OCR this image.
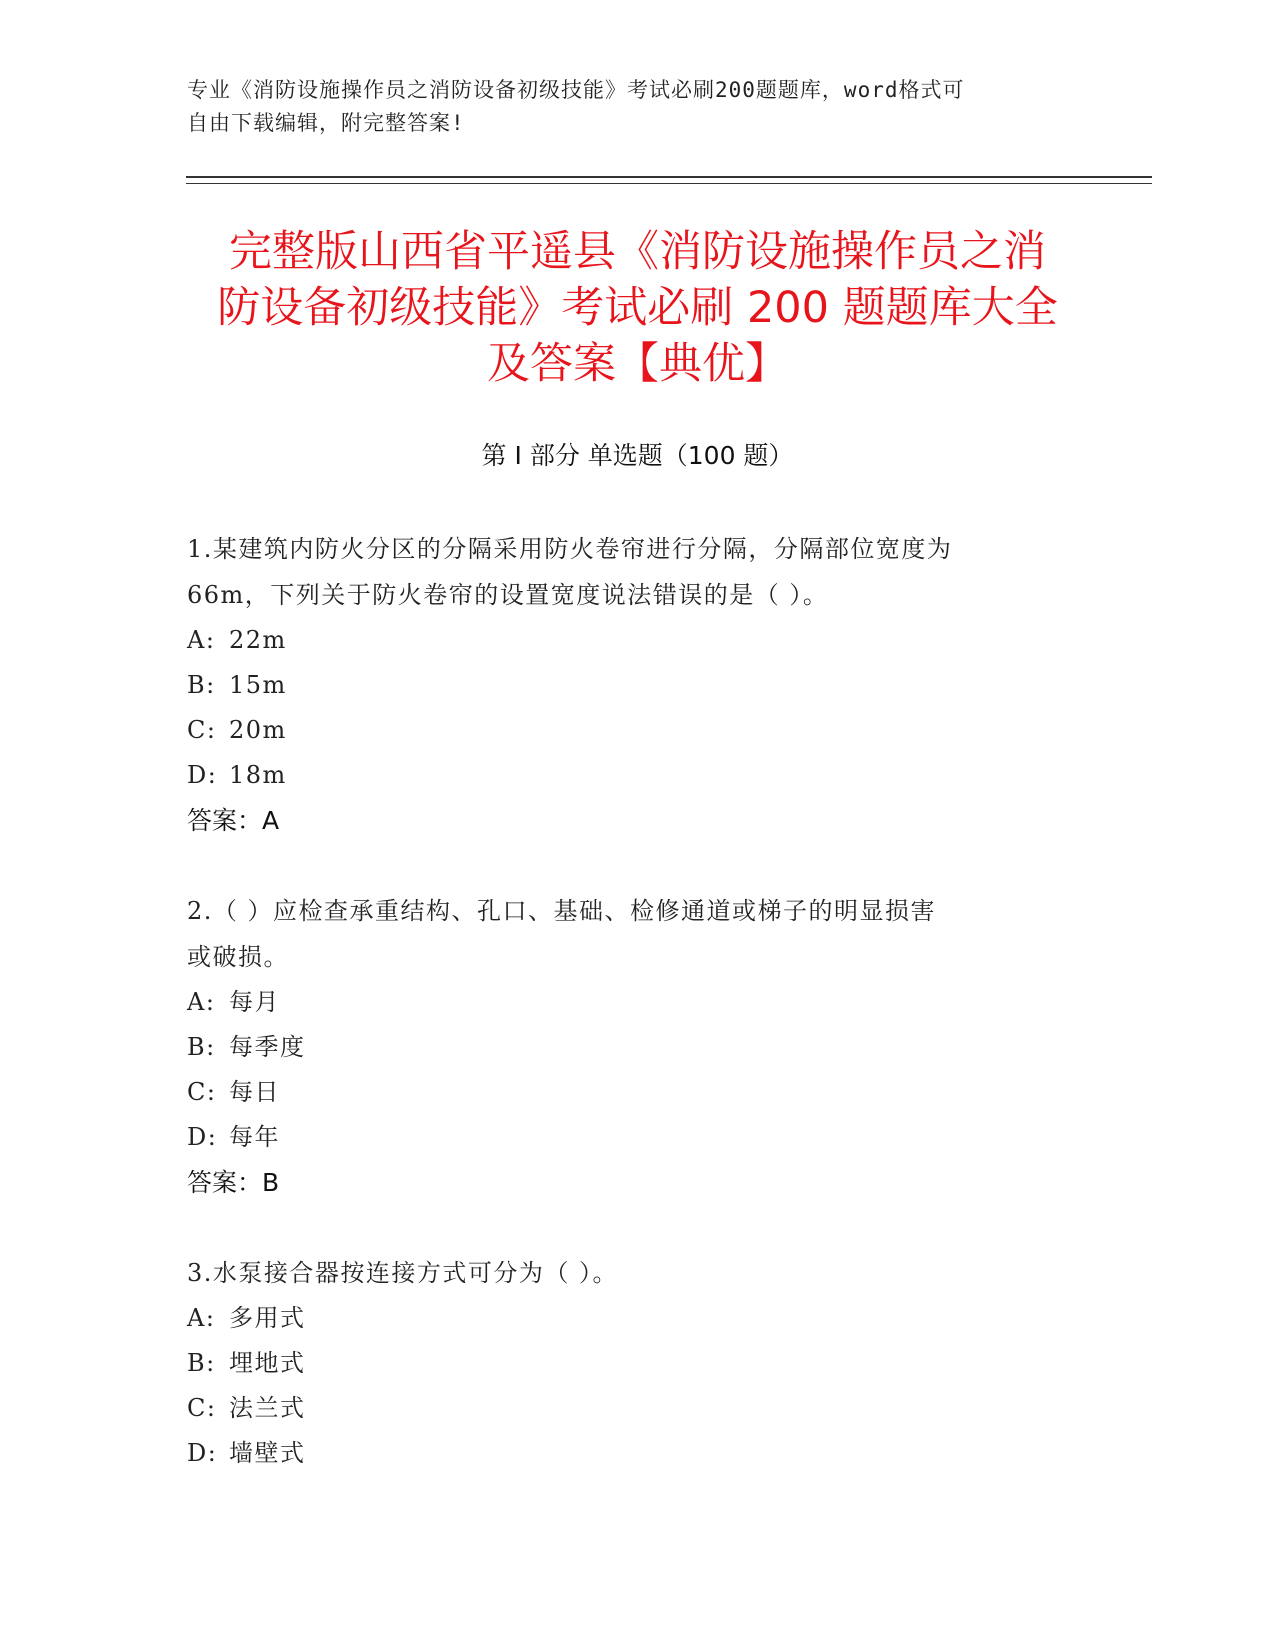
专业《消防设施操作员之消防设备初级技能》考试必刷200题题库，word格式可
自由下载编辑，附完整答案!
完整版山西省平遥县《消防设施操作员之消
防设备初级技能》考试必刷 200 题题库大全
及答案【典优】
第 I 部分 单选题（100 题）
1.某建筑内防火分区的分隔采用防火卷帘进行分隔，分隔部位宽度为
66m，下列关于防火卷帘的设置宽度说法错误的是（ ）。
A: 22m
B: 15m
C: 20m
D: 18m
答案：A
2.（ ）应检查承重结构、孔口、基础、检修通道或梯子的明显损害
或破损。
A: 每月
B: 每季度
C: 每日
D: 每年
答案：B
3.水泵接合器按连接方式可分为（ ）。
A: 多用式
B: 埋地式
C: 法兰式
D: 墙壁式
